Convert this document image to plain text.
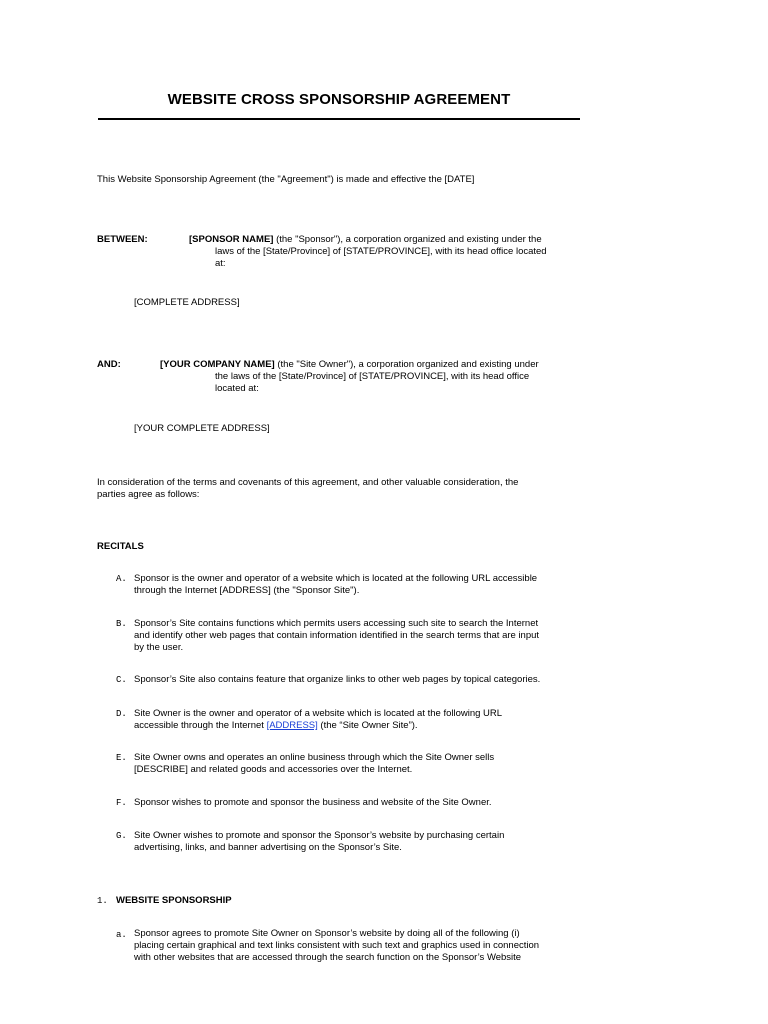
WEBSITE CROSS SPONSORSHIP AGREEMENT
This Website Sponsorship Agreement (the "Agreement") is made and effective the [DATE]
BETWEEN:	[SPONSOR NAME] (the "Sponsor"), a corporation organized and existing under the
laws of the [State/Province] of [STATE/PROVINCE], with its head office located
at:
[COMPLETE ADDRESS]
AND:	[YOUR COMPANY NAME] (the "Site Owner"), a corporation organized and existing under
the laws of the [State/Province] of [STATE/PROVINCE], with its head office
located at:
[YOUR COMPLETE ADDRESS]
In consideration of the terms and covenants of this agreement, and other valuable consideration, the
parties agree as follows:
RECITALS
A. Sponsor is the owner and operator of a website which is located at the following URL accessible
through the Internet [ADDRESS] (the "Sponsor Site").
B. Sponsor’s Site contains functions which permits users accessing such site to search the Internet
and identify other web pages that contain information identified in the search terms that are input
by the user.
C. Sponsor’s Site also contains feature that organize links to other web pages by topical categories.
D. Site Owner is the owner and operator of a website which is located at the following URL
accessible through the Internet [ADDRESS] (the “Site Owner Site”).
E. Site Owner owns and operates an online business through which the Site Owner sells
[DESCRIBE] and related goods and accessories over the Internet.
F. Sponsor wishes to promote and sponsor the business and website of the Site Owner.
G. Site Owner wishes to promote and sponsor the Sponsor’s website by purchasing certain
advertising, links, and banner advertising on the Sponsor’s Site.
1. WEBSITE SPONSORSHIP
a. Sponsor agrees to promote Site Owner on Sponsor’s website by doing all of the following (i)
placing certain graphical and text links consistent with such text and graphics used in connection
with other websites that are accessed through the search function on the Sponsor’s Website
